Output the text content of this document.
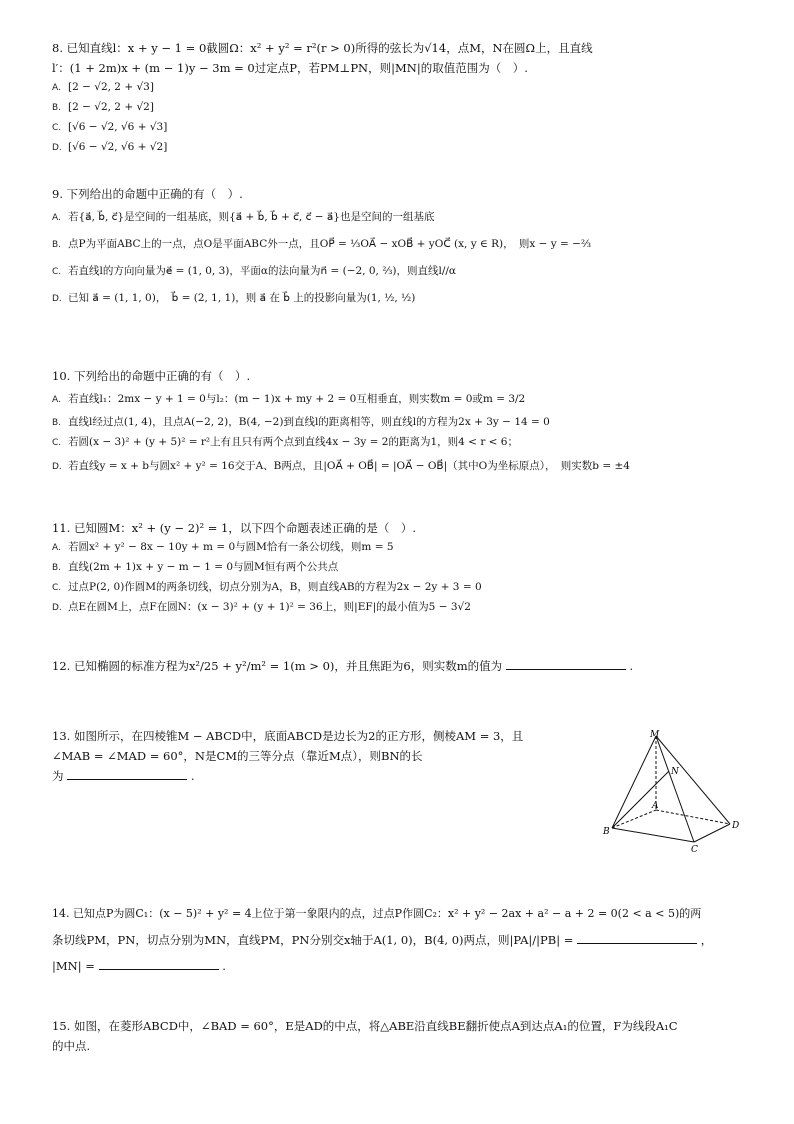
8. 已知直线l：x + y − 1 = 0截圆Ω：x² + y² = r²(r > 0)所得的弦长为√14，点M，N在圆Ω上，且直线
l′：(1 + 2m)x + (m − 1)y − 3m = 0过定点P，若PM⊥PN，则|MN|的取值范围为（　）.
A. [2 − √2, 2 + √3]
B. [2 − √2, 2 + √2]
C. [√6 − √2, √6 + √3]
D. [√6 − √2, √6 + √2]
9. 下列给出的命题中正确的有（　）.
A. 若{a⃗, b⃗, c⃗}是空间的一组基底，则{a⃗ + b⃗, b⃗ + c⃗, c⃗ − a⃗}也是空间的一组基底
B. 点P为平面ABC上的一点，点O是平面ABC外一点，且OP⃗ = ⅓OA⃗ − xOB⃗ + yOC⃗ (x, y ∈ R)，　则x − y = −⅔
C. 若直线l的方向向量为e⃗ = (1, 0, 3)，平面α的法向量为n⃗ = (−2, 0, ⅔)，则直线l//α
D. 已知 a⃗ = (1, 1, 0)，　b⃗ = (2, 1, 1)，则 a⃗ 在 b⃗ 上的投影向量为(1, ½, ½)
10. 下列给出的命题中正确的有（　）.
A. 若直线l₁：2mx − y + 1 = 0与l₂：(m − 1)x + my + 2 = 0互相垂直，则实数m = 0或m = 3/2
B. 直线l经过点(1, 4)，且点A(−2, 2)，B(4, −2)到直线l的距离相等，则直线l的方程为2x + 3y − 14 = 0
C. 若圆(x − 3)² + (y + 5)² = r²上有且只有两个点到直线4x − 3y = 2的距离为1，则4 < r < 6；
D. 若直线y = x + b与圆x² + y² = 16交于A、B两点，且|OA⃗ + OB⃗| = |OA⃗ − OB⃗|（其中O为坐标原点），　则实数b = ±4
11. 已知圆M：x² + (y − 2)² = 1，以下四个命题表述正确的是（　）.
A. 若圆x² + y² − 8x − 10y + m = 0与圆M恰有一条公切线，则m = 5
B. 直线(2m + 1)x + y − m − 1 = 0与圆M恒有两个公共点
C. 过点P(2, 0)作圆M的两条切线，切点分别为A，B，则直线AB的方程为2x − 2y + 3 = 0
D. 点E在圆M上，点F在圆N：(x − 3)² + (y + 1)² = 36上，则|EF|的最小值为5 − 3√2
12. 已知椭圆的标准方程为x²/25 + y²/m² = 1(m > 0)，并且焦距为6，则实数m的值为	.
13. 如图所示，在四棱锥M − ABCD中，底面ABCD是边长为2的正方形，侧棱AM = 3，且
∠MAB = ∠MAD = 60°，N是CM的三等分点（靠近M点），则BN的长
为	.
M
N
A
B
C
D
14. 已知点P为圆C₁：(x − 5)² + y² = 4上位于第一象限内的点，过点P作圆C₂：x² + y² − 2ax + a² − a + 2 = 0(2 < a < 5)的两
条切线PM，PN，切点分别为MN，直线PM，PN分别交x轴于A(1, 0)，B(4, 0)两点，则|PA|/|PB| =	，
|MN| =	.
15. 如图，在菱形ABCD中，∠BAD = 60°，E是AD的中点，将△ABE沿直线BE翻折使点A到达点A₁的位置，F为线段A₁C
的中点.
